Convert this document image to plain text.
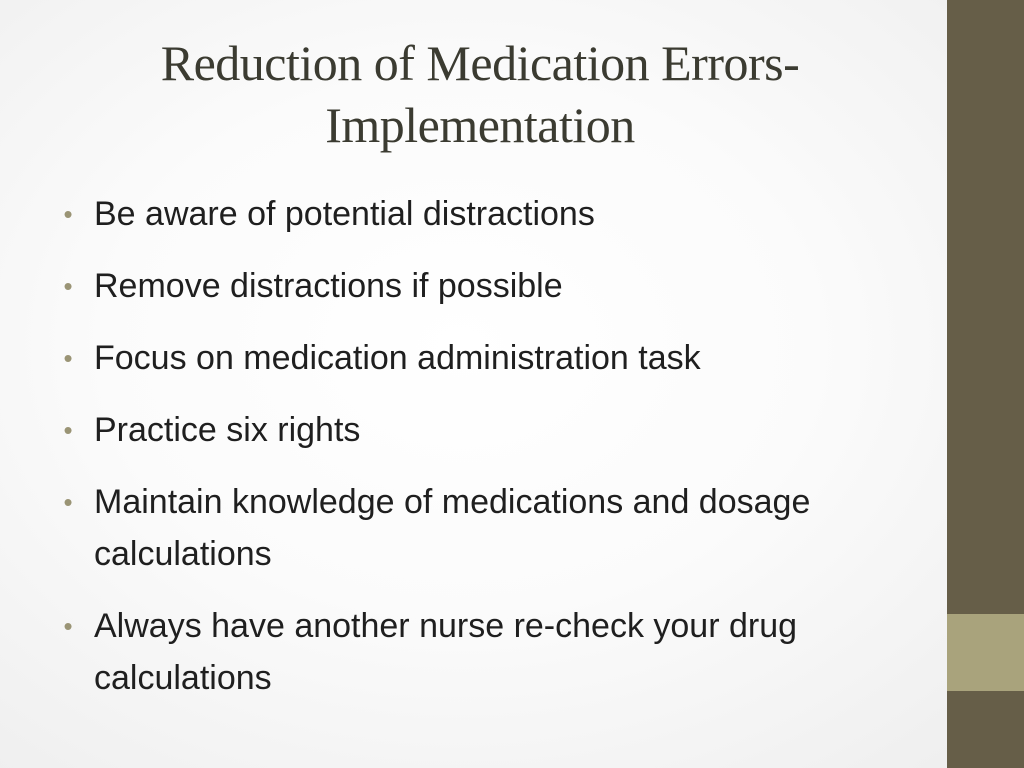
Reduction of Medication Errors-
Implementation
• Be aware of potential distractions
• Remove distractions if possible
• Focus on medication administration task
• Practice six rights
• Maintain knowledge of medications and dosage calculations
• Always have another nurse re-check your drug calculations
